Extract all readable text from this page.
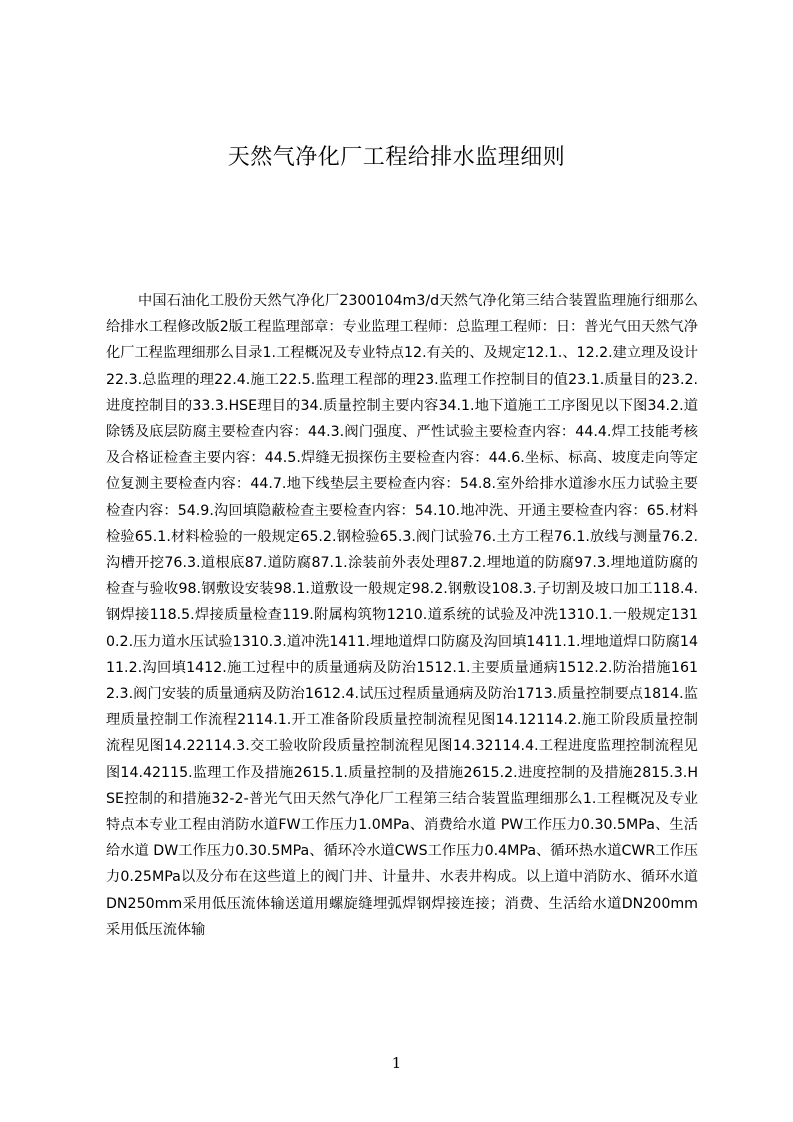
天然气净化厂工程给排水监理细则

中国石油化工股份天然气净化厂2300104m3/d天然气净化第三结合装置监理施行细那么给排水工程修改版2版工程监理部章：专业监理工程师：总监理工程师：日：普光气田天然气净化厂工程监理细那么目录1.工程概况及专业特点12.有关的、及规定12.1.、12.2.建立理及设计22.3.总监理的理22.4.施工22.5.监理工程部的理23.监理工作控制目的值23.1.质量目的23.2.进度控制目的33.3.HSE理目的34.质量控制主要内容34.1.地下道施工工序图见以下图34.2.道除锈及底层防腐主要检查内容：44.3.阀门强度、严性试验主要检查内容：44.4.焊工技能考核及合格证检查主要内容：44.5.焊缝无损探伤主要检查内容：44.6.坐标、标高、坡度走向等定位复测主要检查内容：44.7.地下线垫层主要检查内容：54.8.室外给排水道渗水压力试验主要检查内容：54.9.沟回填隐蔽检查主要检查内容：54.10.地冲洗、开通主要检查内容：65.材料检验65.1.材料检验的一般规定65.2.钢检验65.3.阀门试验76.土方工程76.1.放线与测量76.2.沟槽开挖76.3.道根底87.道防腐87.1.涂装前外表处理87.2.埋地道的防腐97.3.埋地道防腐的检查与验收98.钢敷设安装98.1.道敷设一般规定98.2.钢敷设108.3.子切割及坡口加工118.4.钢焊接118.5.焊接质量检查119.附属构筑物1210.道系统的试验及冲洗1310.1.一般规定1310.2.压力道水压试验1310.3.道冲洗1411.埋地道焊口防腐及沟回填1411.1.埋地道焊口防腐1411.2.沟回填1412.施工过程中的质量通病及防治1512.1.主要质量通病1512.2.防治措施1612.3.阀门安装的质量通病及防治1612.4.试压过程质量通病及防治1713.质量控制要点1814.监理质量控制工作流程2114.1.开工准备阶段质量控制流程见图14.12114.2.施工阶段质量控制流程见图14.22114.3.交工验收阶段质量控制流程见图14.32114.4.工程进度监理控制流程见图14.42115.监理工作及措施2615.1.质量控制的及措施2615.2.进度控制的及措施2815.3.HSE控制的和措施32-2-普光气田天然气净化厂工程第三结合装置监理细那么1.工程概况及专业特点本专业工程由消防水道FW工作压力1.0MPa、消费给水道 PW工作压力0.30.5MPa、生活给水道 DW工作压力0.30.5MPa、循环冷水道CWS工作压力0.4MPa、循环热水道CWR工作压力0.25MPa以及分布在这些道上的阀门井、计量井、水表井构成。以上道中消防水、循环水道DN250mm采用低压流体输送道用螺旋缝埋弧焊钢焊接连接；消费、生活给水道DN200mm采用低压流体输

1
